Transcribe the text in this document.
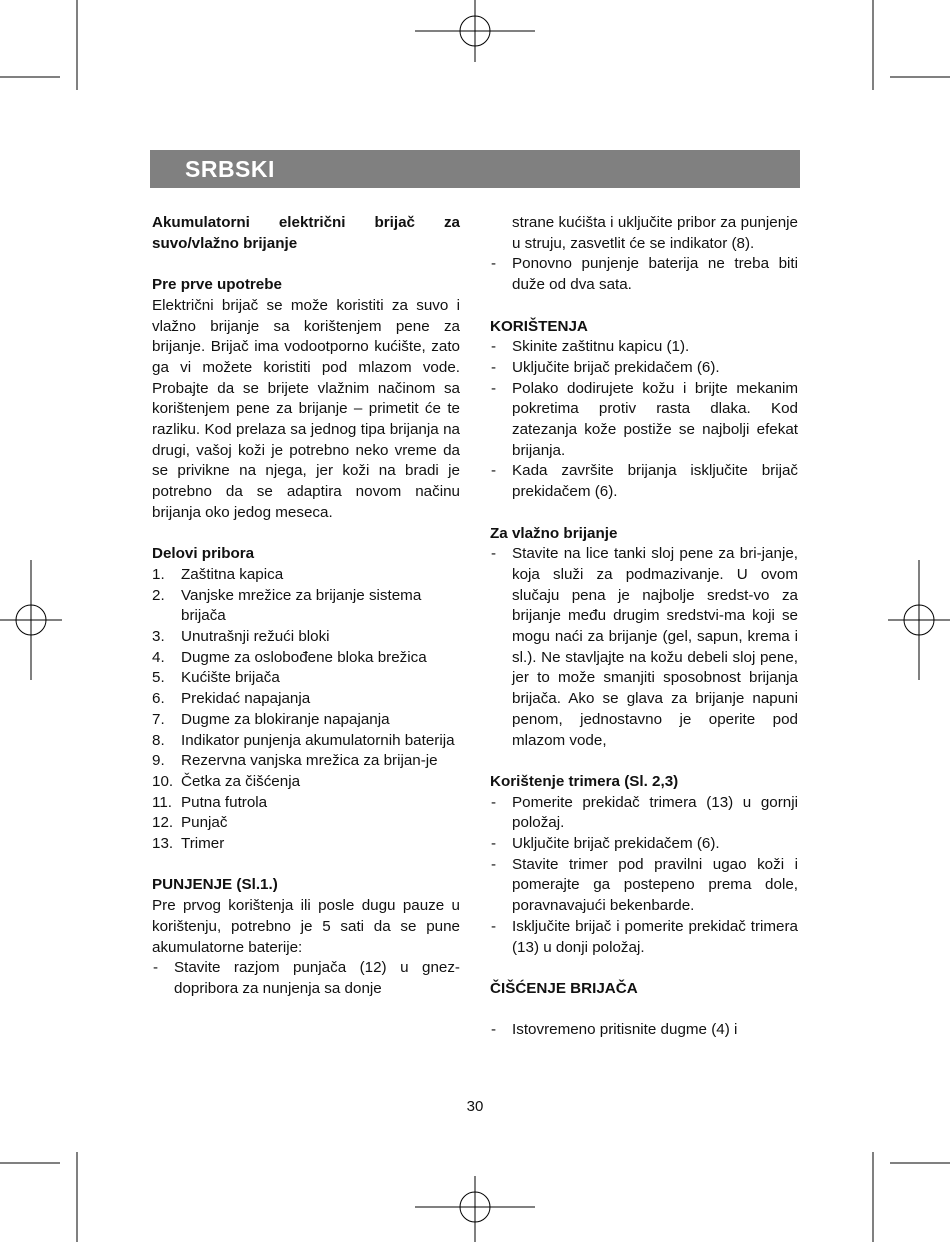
SRBSKI
Akumulatorni električni brijač za suvo/vlažno brijanje
Pre prve upotrebe
Električni brijač se može koristiti za suvo i vlažno brijanje sa korištenjem pene za brijanje. Brijač ima vodootporno kućište, zato ga vi možete koristiti pod mlazom vode. Probajte da se brijete vlažnim načinom sa korištenjem pene za brijanje – primetit će te razliku. Kod prelaza sa jednog tipa brijanja na drugi, vašoj koži je potrebno neko vreme da se privikne na njega, jer koži na bradi je potrebno da se adaptira novom načinu brijanja oko jedog meseca.
Delovi pribora
1. Zaštitna kapica
2. Vanjske mrežice za brijanje sistema brijača
3. Unutrašnji režući bloki
4. Dugme za oslobođene bloka brežica
5. Kućište brijača
6. Prekidać napajanja
7. Dugme za blokiranje napajanja
8. Indikator punjenja akumulatornih baterija
9. Rezervna vanjska mrežica za brijan-je
10. Četka za čišćenja
11. Putna futrola
12. Punjač
13. Trimer
PUNJENJE (Sl.1.)
Pre prvog korištenja ili posle dugu pauze u korištenju, potrebno je 5 sati da se pune akumulatorne baterije:
- Stavite razjom punjača (12) u gnez-dopribora za nunjenja sa donje
strane kućišta i uključite pribor za punjenje u struju, zasvetlit će se indikator (8).
- Ponovno punjenje baterija ne treba biti duže od dva sata.
KORIŠTENJA
- Skinite zaštitnu kapicu (1).
- Uključite brijač prekidačem (6).
- Polako dodirujete kožu i brijte mekanim pokretima protiv rasta dlaka. Kod zatezanja kože postiže se najbolji efekat brijanja.
- Kada završite brijanja isključite brijač prekidačem (6).
Za vlažno brijanje
- Stavite na lice tanki sloj pene za bri-janje, koja služi za podmazivanje. U ovom slučaju pena je najbolje sredst-vo za brijanje među drugim sredstvi-ma koji se mogu naći za brijanje (gel, sapun, krema i sl.). Ne stavljajte na kožu debeli sloj pene, jer to može smanjiti sposobnost brijanja brijača. Ako se glava za brijanje napuni penom, jednostavno je operite pod mlazom vode,
Korištenje trimera (Sl. 2,3)
- Pomerite prekidač trimera (13) u gornji položaj.
- Uključite brijač prekidačem (6).
- Stavite trimer pod pravilni ugao koži i pomerajte ga postepeno prema dole, poravnavajući bekenbarde.
- Isključite brijač i pomerite prekidač trimera (13) u donji položaj.
ČIŠĆENJE BRIJAČA
- Istovremeno pritisnite dugme (4) i
30
